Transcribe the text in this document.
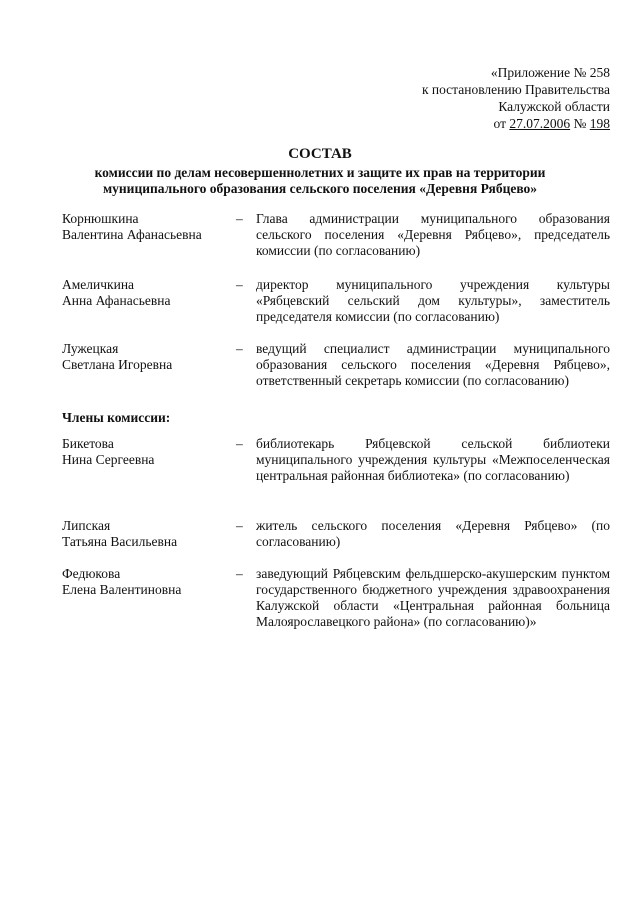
«Приложение № 258
к постановлению Правительства
Калужской области
от 27.07.2006 № 198
СОСТАВ
комиссии по делам несовершеннолетних и защите их прав на территории
муниципального образования сельского поселения «Деревня Рябцево»
Корнюшкина
Валентина Афанасьевна
– Глава администрации муниципального образования сельского поселения «Деревня Рябцево», председатель комиссии (по согласованию)
Амеличкина
Анна Афанасьевна
– директор муниципального учреждения культуры «Рябцевский сельский дом культуры», заместитель председателя комиссии (по согласованию)
Лужецкая
Светлана Игоревна
– ведущий специалист администрации муниципального образования сельского поселения «Деревня Рябцево», ответственный секретарь комиссии (по согласованию)
Члены комиссии:
Бикетова
Нина Сергеевна
– библиотекарь Рябцевской сельской библиотеки муниципального учреждения культуры «Межпоселенческая центральная районная библиотека» (по согласованию)
Липская
Татьяна Васильевна
– житель сельского поселения «Деревня Рябцево» (по согласованию)
Федюкова
Елена Валентиновна
– заведующий Рябцевским фельдшерско-акушерским пунктом государственного бюджетного учреждения здравоохранения Калужской области «Центральная районная больница Малоярославецкого района» (по согласованию)»
